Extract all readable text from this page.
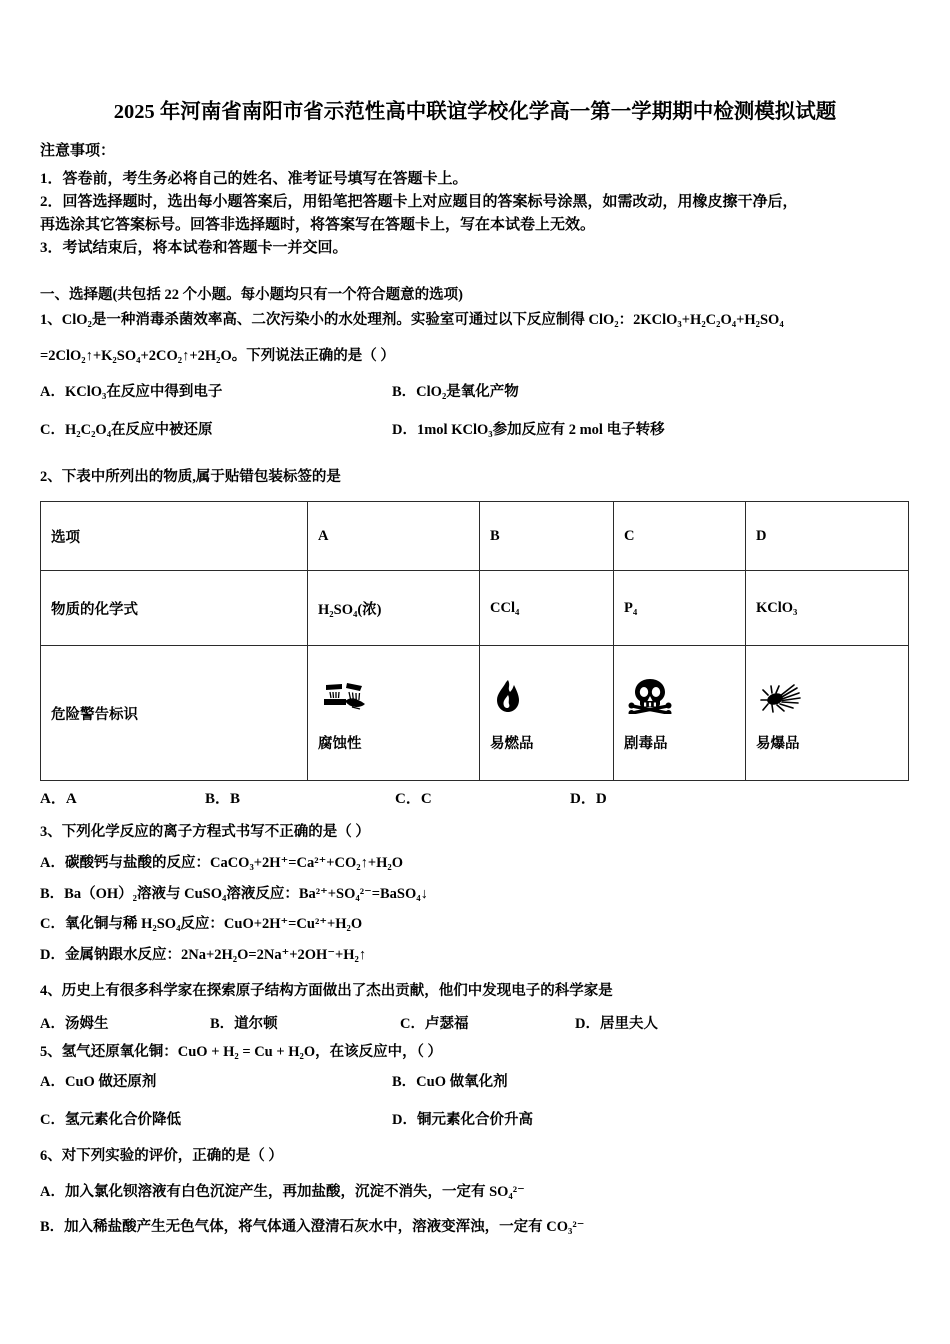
2025 年河南省南阳市省示范性高中联谊学校化学高一第一学期期中检测模拟试题
注意事项：

1．答卷前，考生务必将自己的姓名、准考证号填写在答题卡上。

2．回答选择题时，选出每小题答案后，用铅笔把答题卡上对应题目的答案标号涂黑，如需改动，用橡皮擦干净后，

再选涂其它答案标号。回答非选择题时，将答案写在答题卡上，写在本试卷上无效。

3．考试结束后，将本试卷和答题卡一并交回。

一、选择题(共包括 22 个小题。每小题均只有一个符合题意的选项)

1、ClO₂是一种消毒杀菌效率高、二次污染小的水处理剂。实验室可通过以下反应制得 ClO₂：2KClO₃+H₂C₂O₄+H₂SO₄

=2ClO₂↑+K₂SO₄+2CO₂↑+2H₂O。下列说法正确的是（ ）

A．KClO₃在反应中得到电子	B．ClO₂是氧化产物
C．H₂C₂O₄在反应中被还原	D．1mol KClO₃参加反应有 2 mol 电子转移

2、下表中所列出的物质,属于贴错包装标签的是

选项	A	B	C	D
物质的化学式	H₂SO₄(浓)	CCl₄	P₄	KClO₃
危险警告标识	腐蚀性	易燃品	剧毒品	易爆品
A．A	B．B	C．C	D．D

3、下列化学反应的离子方程式书写不正确的是（ ）

A．碳酸钙与盐酸的反应：CaCO₃+2H⁺=Ca²⁺+CO₂↑+H₂O

B．Ba（OH）₂溶液与 CuSO₄溶液反应：Ba²⁺+SO₄²⁻=BaSO₄↓

C．氧化铜与稀 H₂SO₄反应：CuO+2H⁺=Cu²⁺+H₂O

D．金属钠跟水反应：2Na+2H₂O=2Na⁺+2OH⁻+H₂↑

4、历史上有很多科学家在探索原子结构方面做出了杰出贡献，他们中发现电子的科学家是

A．汤姆生	B．道尔顿	C．卢瑟福	D．居里夫人

5、氢气还原氧化铜：CuO + H₂ = Cu + H₂O，在该反应中，（ ）

A．CuO 做还原剂	B．CuO 做氧化剂
C．氢元素化合价降低	D．铜元素化合价升高

6、对下列实验的评价，正确的是（ ）

A．加入氯化钡溶液有白色沉淀产生，再加盐酸，沉淀不消失，一定有 SO₄²⁻

B．加入稀盐酸产生无色气体，将气体通入澄清石灰水中，溶液变浑浊，一定有 CO₃²⁻
